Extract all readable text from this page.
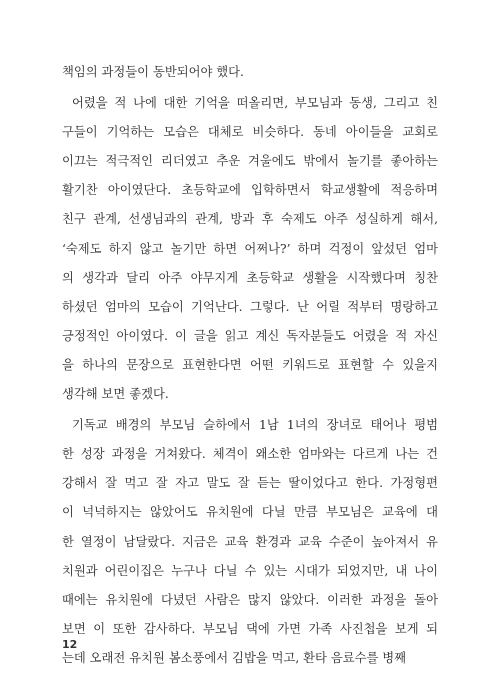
책임의 과정들이 동반되어야 했다.
어렸을 적 나에 대한 기억을 떠올리면, 부모님과 동생, 그리고 친
구들이 기억하는 모습은 대체로 비슷하다. 동네 아이들을 교회로
이끄는 적극적인 리더였고 추운 겨울에도 밖에서 놀기를 좋아하는
활기찬 아이였단다. 초등학교에 입학하면서 학교생활에 적응하며
친구 관계, 선생님과의 관계, 방과 후 숙제도 아주 성실하게 해서,
‘숙제도 하지 않고 놀기만 하면 어쩌나?’ 하며 걱정이 앞섰던 엄마
의 생각과 달리 아주 야무지게 초등학교 생활을 시작했다며 칭찬
하셨던 엄마의 모습이 기억난다. 그렇다. 난 어릴 적부터 명랑하고
긍정적인 아이였다. 이 글을 읽고 계신 독자분들도 어렸을 적 자신
을 하나의 문장으로 표현한다면 어떤 키워드로 표현할 수 있을지
생각해 보면 좋겠다.
기독교 배경의 부모님 슬하에서 1남 1녀의 장녀로 태어나 평범
한 성장 과정을 거쳐왔다. 체격이 왜소한 엄마와는 다르게 나는 건
강해서 잘 먹고 잘 자고 말도 잘 듣는 딸이었다고 한다. 가정형편
이 넉넉하지는 않았어도 유치원에 다닐 만큼 부모님은 교육에 대
한 열정이 남달랐다. 지금은 교육 환경과 교육 수준이 높아져서 유
치원과 어린이집은 누구나 다닐 수 있는 시대가 되었지만, 내 나이
때에는 유치원에 다녔던 사람은 많지 않았다. 이러한 과정을 돌아
보면 이 또한 감사하다. 부모님 댁에 가면 가족 사진첩을 보게 되
는데 오래전 유치원 봄소풍에서 김밥을 먹고, 환타 음료수를 병째
12
